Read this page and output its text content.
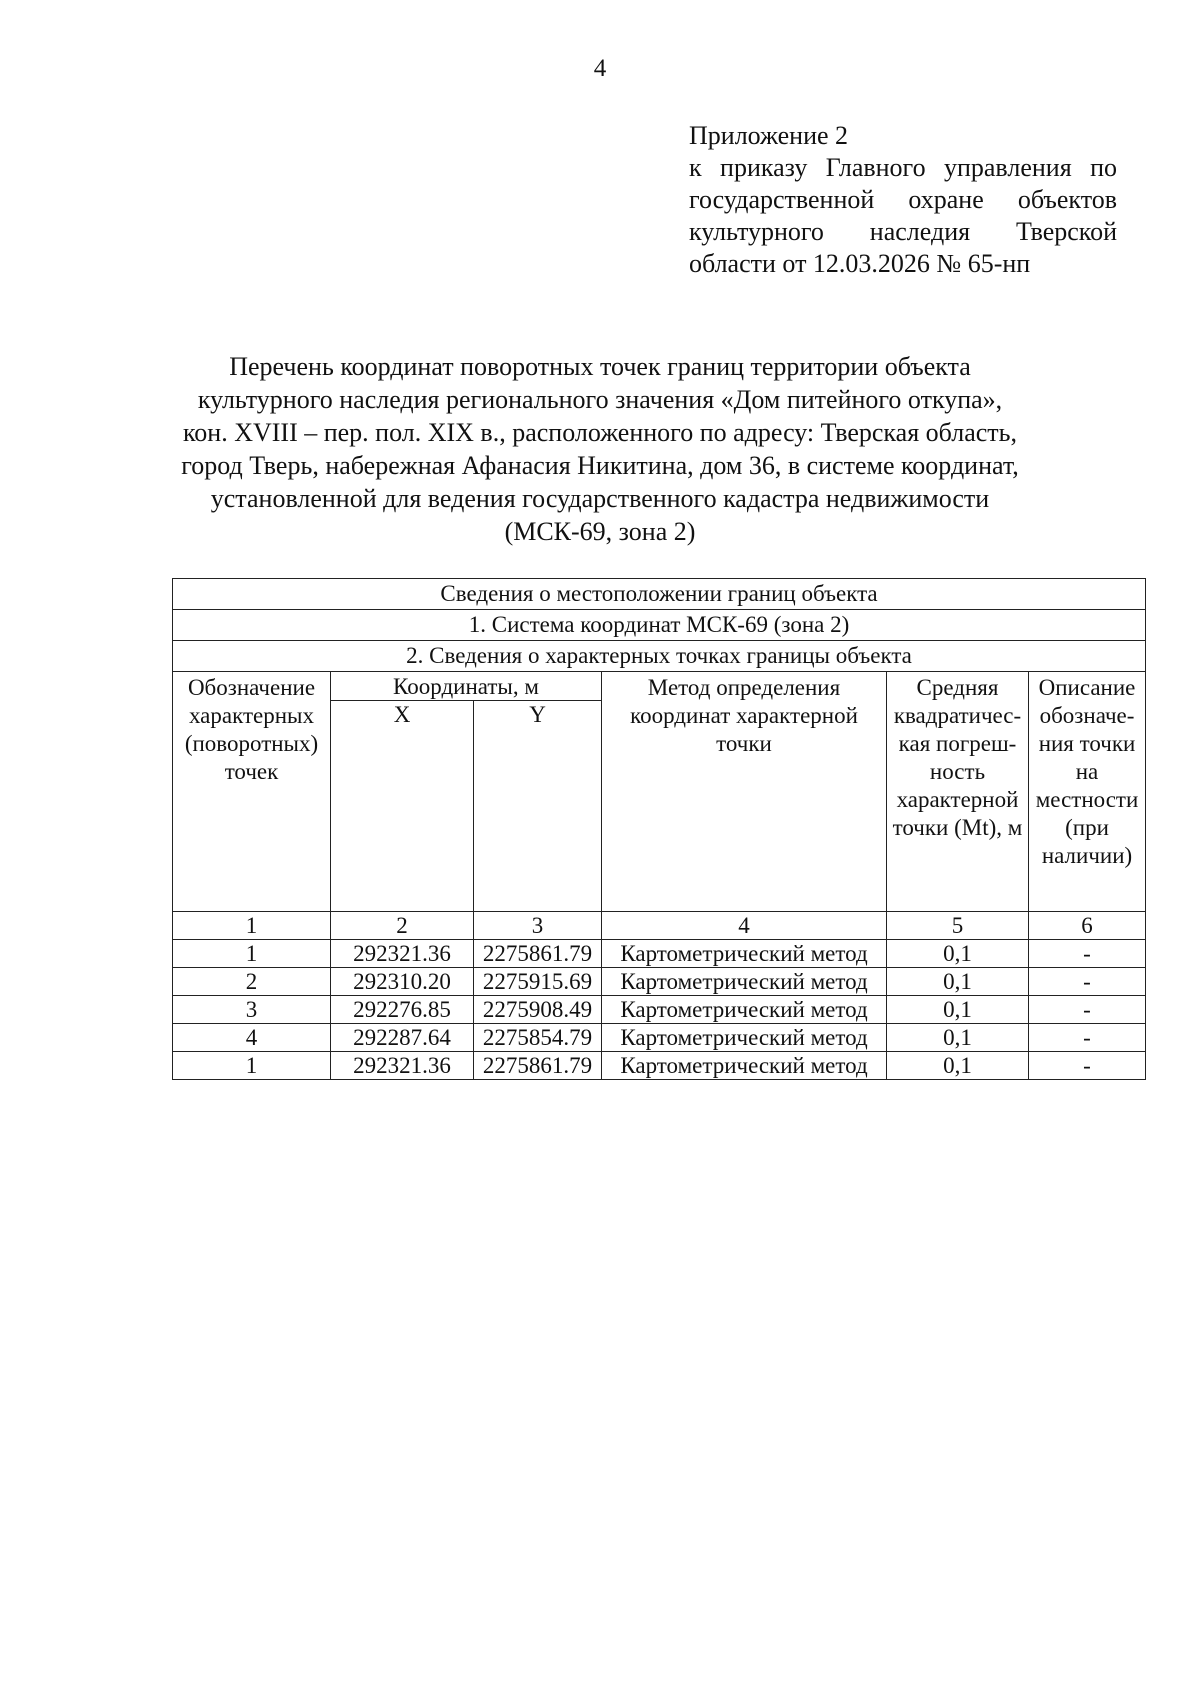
4
Приложение 2
к приказу Главного управления по государственной охране объектов культурного наследия Тверской области от 12.03.2026 № 65-нп
Перечень координат поворотных точек границ территории объекта
культурного наследия регионального значения «Дом питейного откупа»,
кон. XVIII – пер. пол. XIX в., расположенного по адресу: Тверская область,
город Тверь, набережная Афанасия Никитина, дом 36, в системе координат,
установленной для ведения государственного кадастра недвижимости
(МСК-69, зона 2)
Сведения о местоположении границ объекта					
1. Система координат МСК-69 (зона 2)					
2. Сведения о характерных точках границы объекта					
Обозначение характерных (поворотных) точек	Координаты, м		Метод определения координат характерной точки	Средняя квадратичес-кая погреш-ность характерной точки (Mt), м	Описание обозначе-ния точки на местности (при наличии)
	X	Y			
1	2	3	4	5	6
1	292321.36	2275861.79	Картометрический метод	0,1	-
2	292310.20	2275915.69	Картометрический метод	0,1	-
3	292276.85	2275908.49	Картометрический метод	0,1	-
4	292287.64	2275854.79	Картометрический метод	0,1	-
1	292321.36	2275861.79	Картометрический метод	0,1	-
